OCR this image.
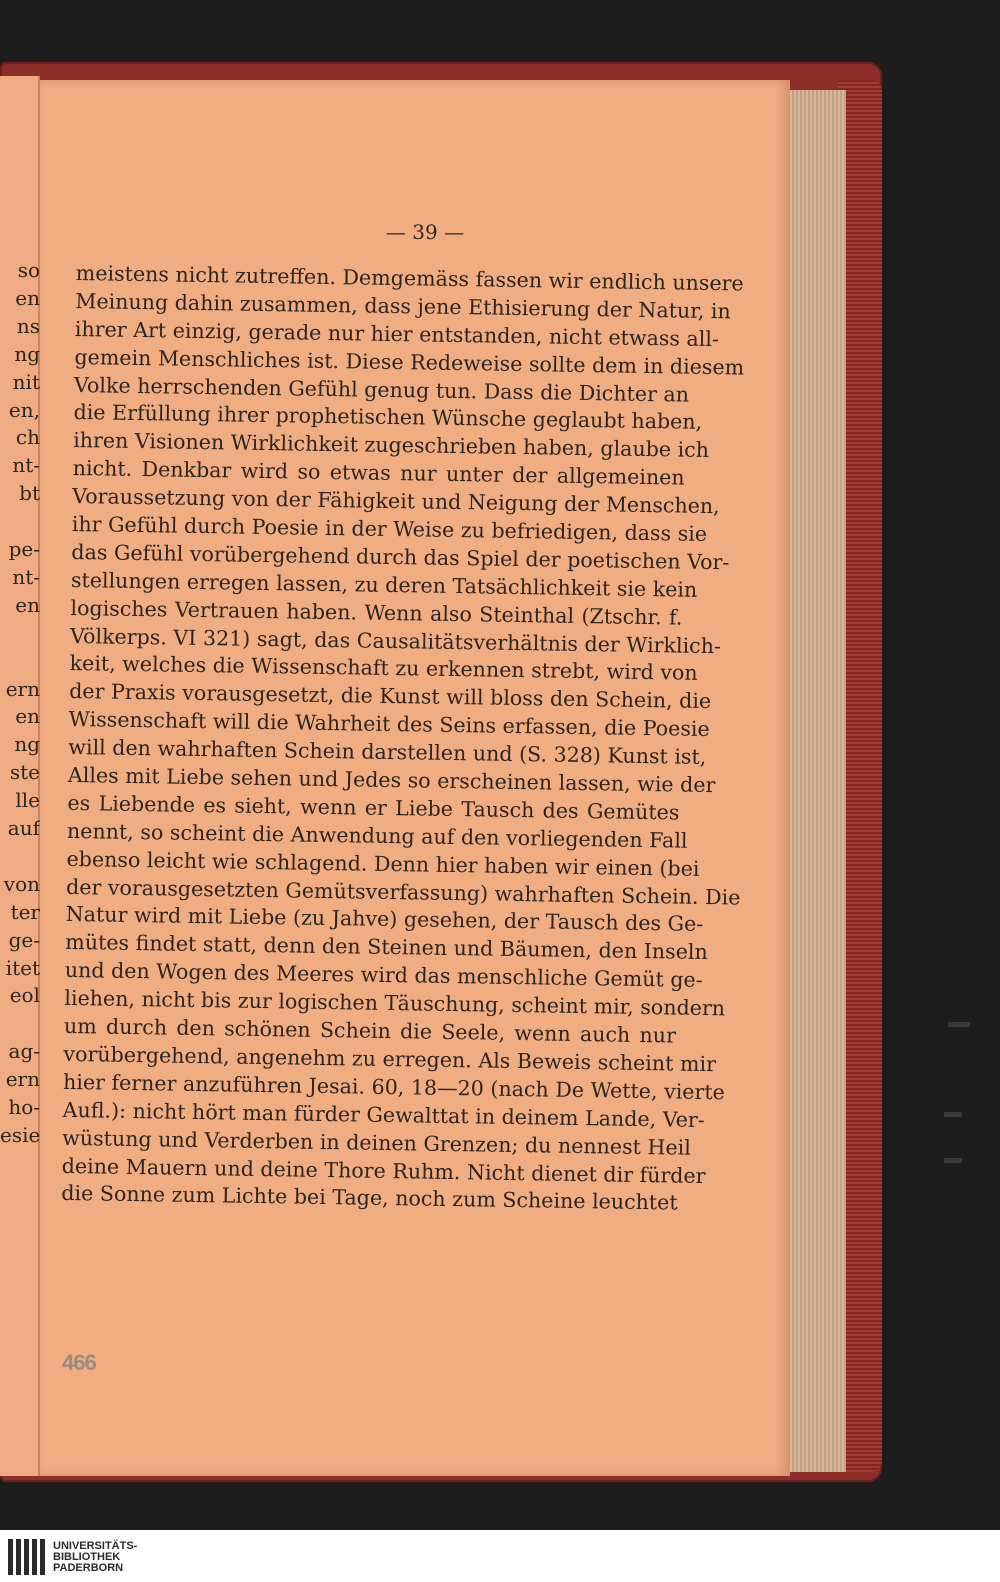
so
en
ns
ng
nit
en,
ch
nt-
bt
pe-
nt-
en
ern
en
ng
ste
lle
auf
von
ter
ge-
itet
eol
ag-
ern
ho-
esie
— 39 —
meistens nicht zutreffen. Demgemäss fassen wir endlich unsere
Meinung dahin zusammen, dass jene Ethisierung der Natur, in
ihrer Art einzig, gerade nur hier entstanden, nicht etwass all-
gemein Menschliches ist. Diese Redeweise sollte dem in diesem
Volke herrschenden Gefühl genug tun. Dass die Dichter an
die Erfüllung ihrer prophetischen Wünsche geglaubt haben,
ihren Visionen Wirklichkeit zugeschrieben haben, glaube ich
nicht. Denkbar wird so etwas nur unter der allgemeinen
Voraussetzung von der Fähigkeit und Neigung der Menschen,
ihr Gefühl durch Poesie in der Weise zu befriedigen, dass sie
das Gefühl vorübergehend durch das Spiel der poetischen Vor-
stellungen erregen lassen, zu deren Tatsächlichkeit sie kein
logisches Vertrauen haben. Wenn also Steinthal (Ztschr. f.
Völkerps. VI 321) sagt, das Causalitätsverhältnis der Wirklich-
keit, welches die Wissenschaft zu erkennen strebt, wird von
der Praxis vorausgesetzt, die Kunst will bloss den Schein, die
Wissenschaft will die Wahrheit des Seins erfassen, die Poesie
will den wahrhaften Schein darstellen und (S. 328) Kunst ist,
Alles mit Liebe sehen und Jedes so erscheinen lassen, wie der
es Liebende es sieht, wenn er Liebe Tausch des Gemütes
nennt, so scheint die Anwendung auf den vorliegenden Fall
ebenso leicht wie schlagend. Denn hier haben wir einen (bei
der vorausgesetzten Gemütsverfassung) wahrhaften Schein. Die
Natur wird mit Liebe (zu Jahve) gesehen, der Tausch des Ge-
mütes findet statt, denn den Steinen und Bäumen, den Inseln
und den Wogen des Meeres wird das menschliche Gemüt ge-
liehen, nicht bis zur logischen Täuschung, scheint mir, sondern
um durch den schönen Schein die Seele, wenn auch nur
vorübergehend, angenehm zu erregen. Als Beweis scheint mir
hier ferner anzuführen Jesai. 60, 18—20 (nach De Wette, vierte
Aufl.): nicht hört man fürder Gewalttat in deinem Lande, Ver-
wüstung und Verderben in deinen Grenzen; du nennest Heil
deine Mauern und deine Thore Ruhm. Nicht dienet dir fürder
die Sonne zum Lichte bei Tage, noch zum Scheine leuchtet
466
UNIVERSITÄTS-
BIBLIOTHEK
PADERBORN
